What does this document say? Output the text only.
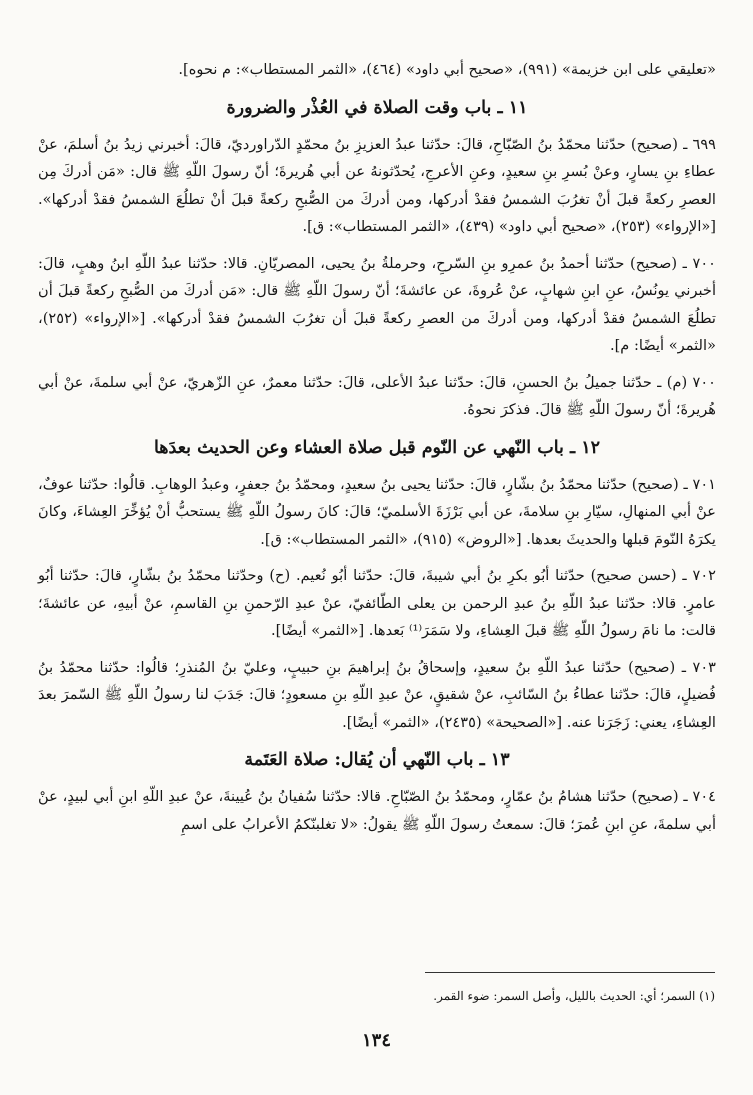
«تعليقي على ابن خزيمة» (٩٩١)، «صحيح أبي داود» (٤٦٤)، «الثمر المستطاب»: م نحوه].

١١ ـ باب وقت الصلاة في العُذْر والضرورة

٦٩٩ ـ (صحيح) حدّثنا محمّدُ بنُ الصّبّاحِ، قالَ: حدّثنا عبدُ العزيزِ بنُ محمّدٍ الدّراورديّ، قالَ: أخبرني زيدُ بنُ أسلمَ، عنْ عطاءِ بنِ يسارٍ، وعنْ بُسرِ بنِ سعيدٍ، وعنِ الأعرجِ، يُحدّثونهُ عن أبي هُريرةَ؛ أنّ رسولَ اللّهِ ﷺ قال: «مَن أدركَ مِن العصرِ ركعةً قبلَ أنْ تغرُبَ الشمسُ فقدْ أدركها، ومن أدركَ من الصُّبحِ ركعةً قبلَ أنْ تطلُعَ الشمسُ فقدْ أدركها». [«الإرواء» (٢٥٣)، «صحيح أبي داود» (٤٣٩)، «الثمر المستطاب»: ق].

٧٠٠ ـ (صحيح) حدّثنا أحمدُ بنُ عمرِو بنِ السّرحِ، وحرملةُ بنُ يحيى، المصريّانِ. قالا: حدّثنا عبدُ اللّهِ ابنُ وهبٍ، قالَ: أخبرني يونُسُ، عنِ ابنِ شهابٍ، عنْ عُروةَ، عن عائشةَ؛ أنّ رسولَ اللّهِ ﷺ قال: «مَن أدركَ من الصُّبحِ ركعةً قبلَ أن تطلُعَ الشمسُ فقدْ أدركها، ومن أدركَ من العصرِ ركعةً قبلَ أن تغرُبَ الشمسُ فقدْ أدركها». [«الإرواء» (٢٥٢)، «الثمر» أيضًا: م].

٧٠٠ (م) ـ حدّثنا جميلُ بنُ الحسنِ، قالَ: حدّثنا عبدُ الأعلى، قالَ: حدّثنا معمرٌ، عنِ الزّهريّ، عنْ أبي سلمةَ، عنْ أبي هُريرةَ؛ أنّ رسولَ اللّهِ ﷺ قالَ. فذكرَ نحوهُ.

١٢ ـ باب النّهي عن النّوم قبل صلاة العشاء وعن الحديث بعدَها

٧٠١ ـ (صحيح) حدّثنا محمّدُ بنُ بشّارٍ، قالَ: حدّثنا يحيى بنُ سعيدٍ، ومحمّدُ بنُ جعفرٍ، وعبدُ الوهابِ. قالُوا: حدّثنا عوفٌ، عنْ أبي المنهالِ، سيّارِ بنِ سلامةَ، عن أبي بَرْزَةَ الأسلميّ؛ قالَ: كانَ رسولُ اللّهِ ﷺ يستحبُّ أنْ يُؤخِّرَ العِشاءَ، وكانَ يكرَهُ النّومَ قبلها والحديثَ بعدها. [«الروض» (٩١٥)، «الثمر المستطاب»: ق].

٧٠٢ ـ (حسن صحيح) حدّثنا أبُو بكرِ بنُ أبي شيبةَ، قالَ: حدّثنا أبُو نُعيم. (ح) وحدّثنا محمّدُ بنُ بشّارٍ، قالَ: حدّثنا أبُو عامرٍ. قالا: حدّثنا عبدُ اللّهِ بنُ عبدِ الرحمن بن يعلى الطّائفيّ، عنْ عبدِ الرّحمنِ بنِ القاسمِ، عنْ أبيهِ، عن عائشةَ؛ قالت: ما نامَ رسولُ اللّهِ ﷺ قبلَ العِشاءِ، ولا سَمَرَ⁽¹⁾ بَعدها. [«الثمر» أيضًا].

٧٠٣ ـ (صحيح) حدّثنا عبدُ اللّهِ بنُ سعيدٍ، وإسحاقُ بنُ إبراهيمَ بنِ حبيبٍ، وعليّ بنُ المُنذرِ؛ قالُوا: حدّثنا محمّدُ بنُ فُضيلٍ، قالَ: حدّثنا عطاءُ بنُ السّائبِ، عنْ شقيقٍ، عنْ عبدِ اللّهِ بنِ مسعودٍ؛ قالَ: جَدَبَ لنا رسولُ اللّهِ ﷺ السّمرَ بعدَ العِشاءِ، يعني: زَجَرَنا عنه. [«الصحيحة» (٢٤٣٥)، «الثمر» أيضًا].

١٣ ـ باب النّهي أن يُقال: صلاة العَتَمة

٧٠٤ ـ (صحيح) حدّثنا هشامُ بنُ عمّارٍ، ومحمّدُ بنُ الصّبّاحِ. قالا: حدّثنا سُفيانُ بنُ عُيينةَ، عنْ عبدِ اللّهِ ابنِ أبي لبيدٍ، عنْ أبي سلمةَ، عنِ ابنِ عُمرَ؛ قالَ: سمعتُ رسولَ اللّهِ ﷺ يقولُ: «لا تغلبنّكمُ الأعرابُ على اسمِ

(١) السمر؛ أي: الحديث بالليل، وأصل السمر: ضوء القمر.
١٣٤
